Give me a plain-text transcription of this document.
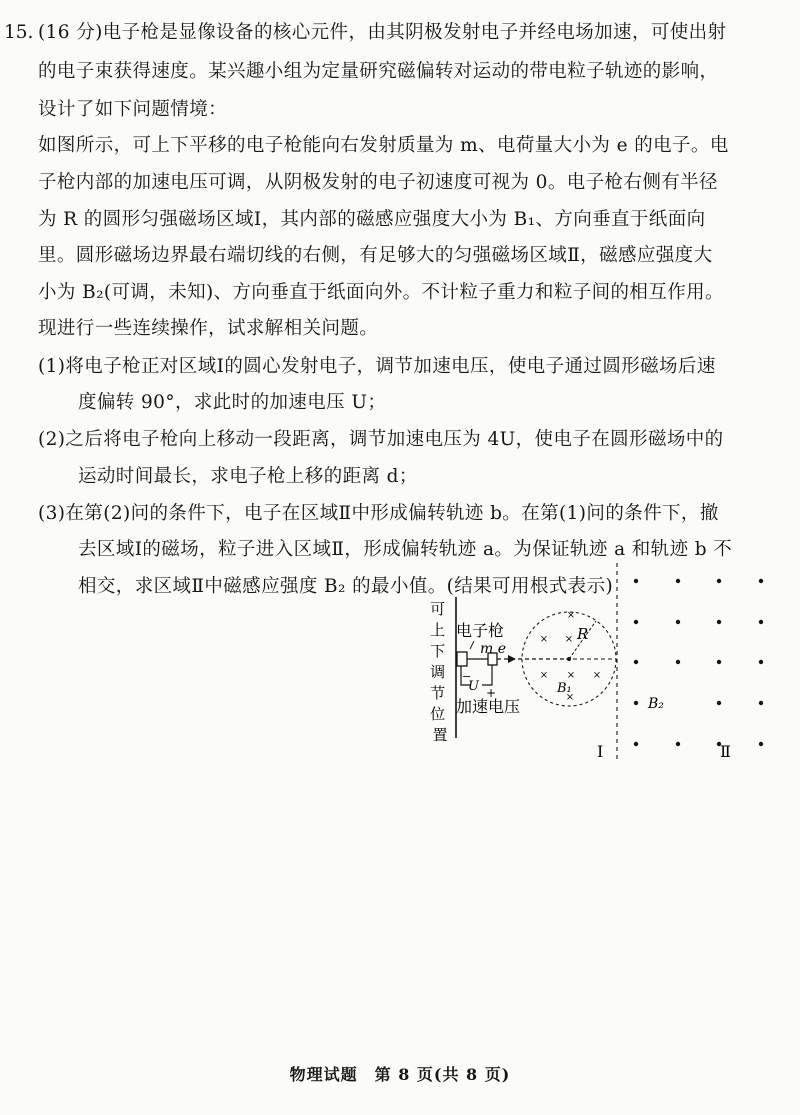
15. (16 分)电子枪是显像设备的核心元件，由其阴极发射电子并经电场加速，可使出射
的电子束获得速度。某兴趣小组为定量研究磁偏转对运动的带电粒子轨迹的影响，
设计了如下问题情境：
如图所示，可上下平移的电子枪能向右发射质量为 m、电荷量大小为 e 的电子。电
子枪内部的加速电压可调，从阴极发射的电子初速度可视为 0。电子枪右侧有半径
为 R 的圆形匀强磁场区域Ⅰ，其内部的磁感应强度大小为 B₁、方向垂直于纸面向
里。圆形磁场边界最右端切线的右侧，有足够大的匀强磁场区域Ⅱ，磁感应强度大
小为 B₂(可调，未知)、方向垂直于纸面向外。不计粒子重力和粒子间的相互作用。
现进行一些连续操作，试求解相关问题。
(1)将电子枪正对区域Ⅰ的圆心发射电子，调节加速电压，使电子通过圆形磁场后速
度偏转 90°，求此时的加速电压 U；
(2)之后将电子枪向上移动一段距离，调节加速电压为 4U，使电子在圆形磁场中的
运动时间最长，求电子枪上移的距离 d；
(3)在第(2)问的条件下，电子在区域Ⅱ中形成偏转轨迹 b。在第(1)问的条件下，撤
去区域Ⅰ的磁场，粒子进入区域Ⅱ，形成偏转轨迹 a。为保证轨迹 a 和轨迹 b 不
相交，求区域Ⅱ中磁感应强度 B₂ 的最小值。(结果可用根式表示)
可 上 下 调 节 位 置
电子枪
m e
U
−
+
加速电压
R
B₁
×
× ×
× × ×
×	B₂
Ⅰ	Ⅱ
物理试题　第 8 页(共 8 页)
